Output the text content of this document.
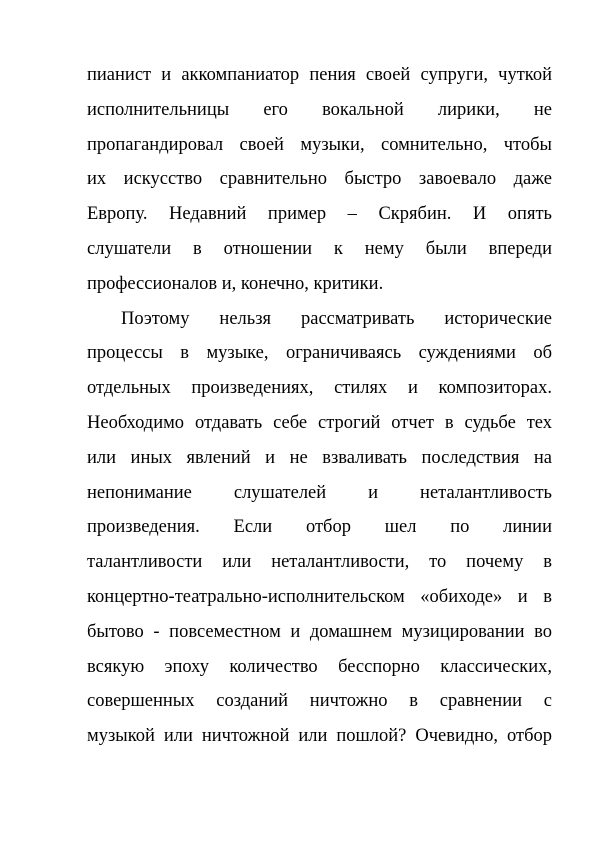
пианист и аккомпаниатор пения своей супруги, чуткой
исполнительницы его вокальной лирики, не
пропагандировал своей музыки, сомнительно, чтобы
их искусство сравнительно быстро завоевало даже
Европу. Недавний пример – Скрябин. И опять
слушатели в отношении к нему были впереди
профессионалов и, конечно, критики.
Поэтому нельзя рассматривать исторические
процессы в музыке, ограничиваясь суждениями об
отдельных произведениях, стилях и композиторах.
Необходимо отдавать себе строгий отчет в судьбе тех
или иных явлений и не взваливать последствия на
непонимание слушателей и неталантливость
произведения. Если отбор шел по линии
талантливости или неталантливости, то почему в
концертно-театрально-исполнительском «обиходе» и в
бытово - повсеместном и домашнем музицировании во
всякую эпоху количество бесспорно классических,
совершенных созданий ничтожно в сравнении с
музыкой или ничтожной или пошлой? Очевидно, отбор
